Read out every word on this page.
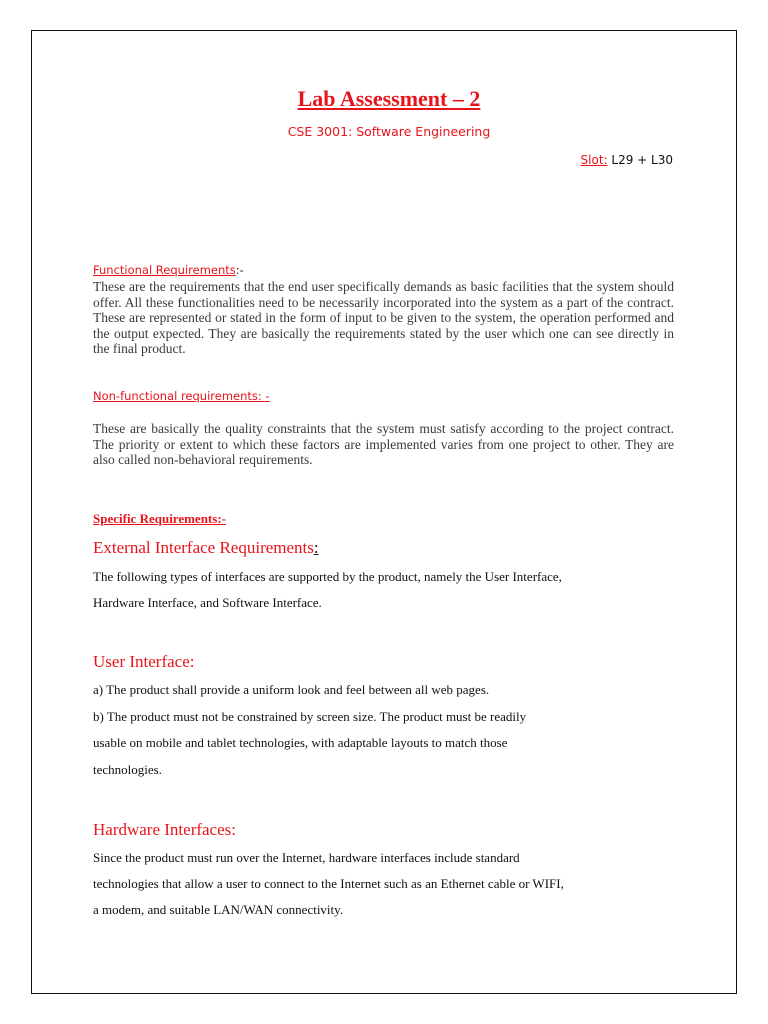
Lab Assessment – 2
CSE 3001: Software Engineering
Slot: L29 + L30
Functional Requirements:-

These are the requirements that the end user specifically demands as basic facilities that the system should offer. All these functionalities need to be necessarily incorporated into the system as a part of the contract. These are represented or stated in the form of input to be given to the system, the operation performed and the output expected. They are basically the requirements stated by the user which one can see directly in the final product.

Non-functional requirements: -

These are basically the quality constraints that the system must satisfy according to the project contract. The priority or extent to which these factors are implemented varies from one project to other. They are also called non-behavioral requirements.

Specific Requirements:-
External Interface Requirements:
The following types of interfaces are supported by the product, namely the User Interface,
Hardware Interface, and Software Interface.
User Interface:
a) The product shall provide a uniform look and feel between all web pages.
b) The product must not be constrained by screen size. The product must be readily
usable on mobile and tablet technologies, with adaptable layouts to match those
technologies.
Hardware Interfaces:
Since the product must run over the Internet, hardware interfaces include standard
technologies that allow a user to connect to the Internet such as an Ethernet cable or WIFI,
a modem, and suitable LAN/WAN connectivity.
